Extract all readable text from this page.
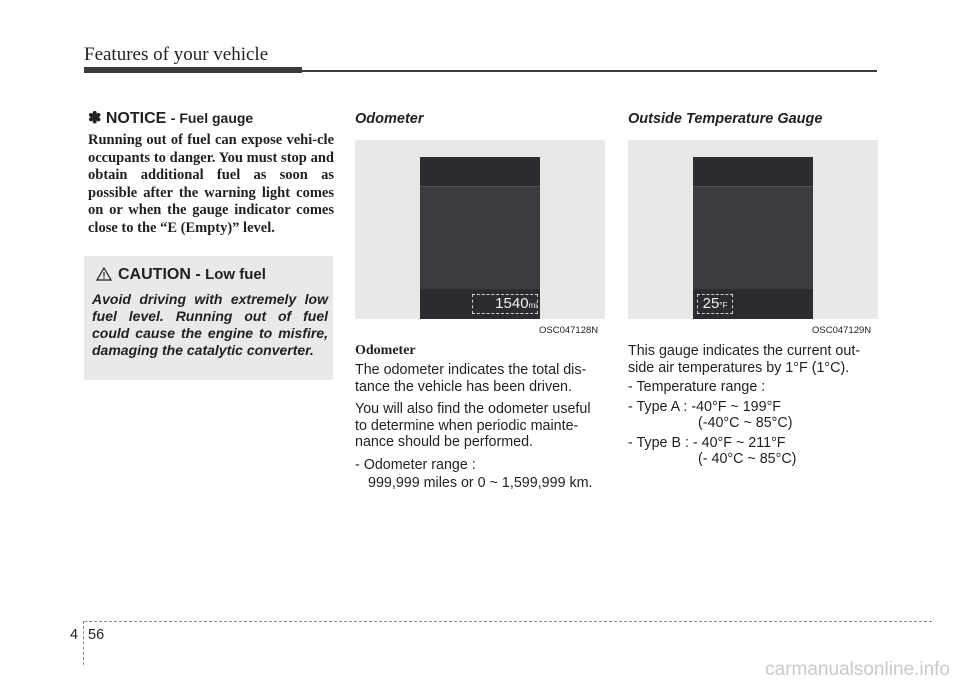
Features of your vehicle
✽ NOTICE - Fuel gauge

Running out of fuel can expose vehi-cle occupants to danger. You must stop and obtain additional fuel as soon as possible after the warning light comes on or when the gauge indicator comes close to the “E (Empty)” level.

CAUTION - Low fuel
Avoid driving with extremely low fuel level. Running out of fuel could cause the engine to misfire, damaging the catalytic converter.

Odometer

1540mi
OSC047128N

Odometer

The odometer indicates the total dis-tance the vehicle has been driven.

You will also find the odometer useful to determine when periodic mainte-nance should be performed.

- Odometer range :

999,999 miles or 0 ~ 1,599,999 km.

Outside Temperature Gauge

25°F
OSC047129N

This gauge indicates the current out-side air temperatures by 1°F (1°C).

- Temperature range :

- Type A : -40°F ~ 199°F

(-40°C ~ 85°C)

- Type B : - 40°F ~ 211°F

(- 40°C ~ 85°C)

4 56
carmanualsonline.info
